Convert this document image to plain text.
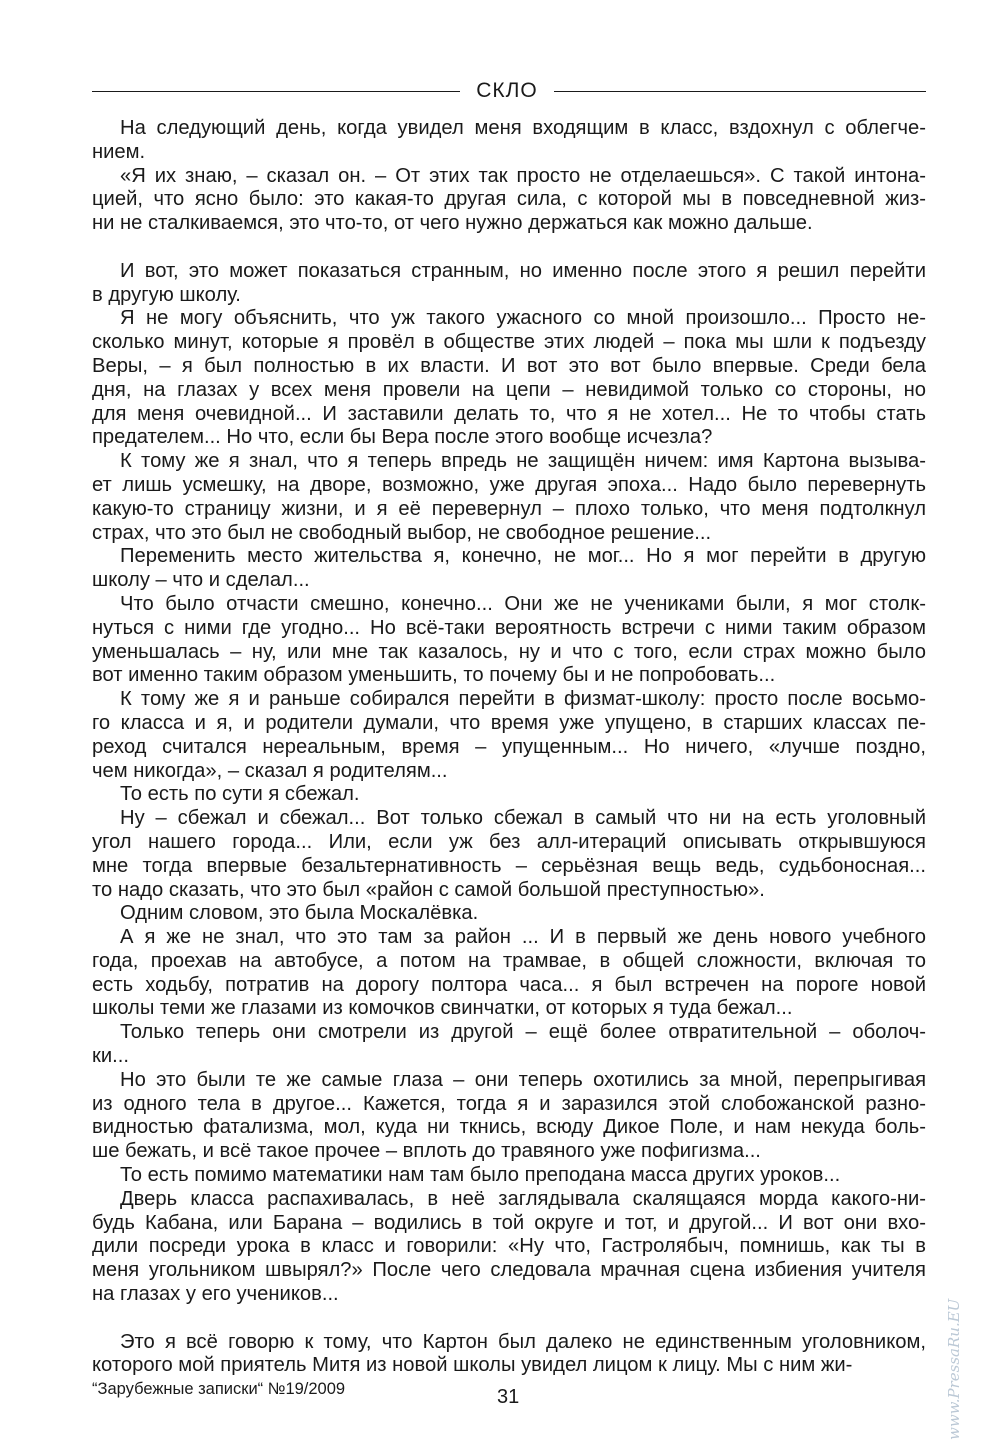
СКЛО
На следующий день, когда увидел меня входящим в класс, вздохнул с облегче-
нием.
«Я их знаю, – сказал он. – От этих так просто не отделаешься». С такой интона-
цией, что ясно было: это какая-то другая сила, с которой мы в повседневной жиз-
ни не сталкиваемся, это что-то, от чего нужно держаться как можно дальше.
И вот, это может показаться странным, но именно после этого я решил перейти
в другую школу.
Я не могу объяснить, что уж такого ужасного со мной произошло... Просто не-
сколько минут, которые я провёл в обществе этих людей – пока мы шли к подъезду
Веры, – я был полностью в их власти. И вот это вот было впервые. Среди бела
дня, на глазах у всех меня провели на цепи – невидимой только со стороны, но
для меня очевидной... И заставили делать то, что я не хотел... Не то чтобы стать
предателем... Но что, если бы Вера после этого вообще исчезла?
К тому же я знал, что я теперь впредь не защищён ничем: имя Картона вызыва-
ет лишь усмешку, на дворе, возможно, уже другая эпоха... Надо было перевернуть
какую-то страницу жизни, и я её перевернул – плохо только, что меня подтолкнул
страх, что это был не свободный выбор, не свободное решение...
Переменить место жительства я, конечно, не мог... Но я мог перейти в другую
школу – что и сделал...
Что было отчасти смешно, конечно... Они же не учениками были, я мог столк-
нуться с ними где угодно... Но всё-таки вероятность встречи с ними таким образом
уменьшалась – ну, или мне так казалось, ну и что с того, если страх можно было
вот именно таким образом уменьшить, то почему бы и не попробовать...
К тому же я и раньше собирался перейти в физмат-школу: просто после восьмо-
го класса и я, и родители думали, что время уже упущено, в старших классах пе-
реход считался нереальным, время – упущенным... Но ничего, «лучше поздно,
чем никогда», – сказал я родителям...
То есть по сути я сбежал.
Ну – сбежал и сбежал... Вот только сбежал в самый что ни на есть уголовный
угол нашего города... Или, если уж без алл-итераций описывать открывшуюся
мне тогда впервые безальтернативность – серьёзная вещь ведь, судьбоносная...
то надо сказать, что это был «район с самой большой преступностью».
Одним словом, это была Москалёвка.
А я же не знал, что это там за район ... И в первый же день нового учебного
года, проехав на автобусе, а потом на трамвае, в общей сложности, включая то
есть ходьбу, потратив на дорогу полтора часа... я был встречен на пороге новой
школы теми же глазами из комочков свинчатки, от которых я туда бежал...
Только теперь они смотрели из другой – ещё более отвратительной – оболоч-
ки...
Но это были те же самые глаза – они теперь охотились за мной, перепрыгивая
из одного тела в другое... Кажется, тогда я и заразился этой слобожанской разно-
видностью фатализма, мол, куда ни ткнись, всюду Дикое Поле, и нам некуда боль-
ше бежать, и всё такое прочее – вплоть до травяного уже пофигизма...
То есть помимо математики нам там было преподана масса других уроков...
Дверь класса распахивалась, в неё заглядывала скалящаяся морда какого-ни-
будь Кабана, или Барана – водились в той округе и тот, и другой... И вот они вхо-
дили посреди урока в класс и говорили: «Ну что, Гастролябыч, помнишь, как ты в
меня угольником швырял?» После чего следовала мрачная сцена избиения учителя
на глазах у его учеников...
Это я всё говорю к тому, что Картон был далеко не единственным уголовником,
которого мой приятель Митя из новой школы увидел лицом к лицу. Мы с ним жи-
“Зарубежные записки“ №19/2009	31	www.PressaRu.EU
